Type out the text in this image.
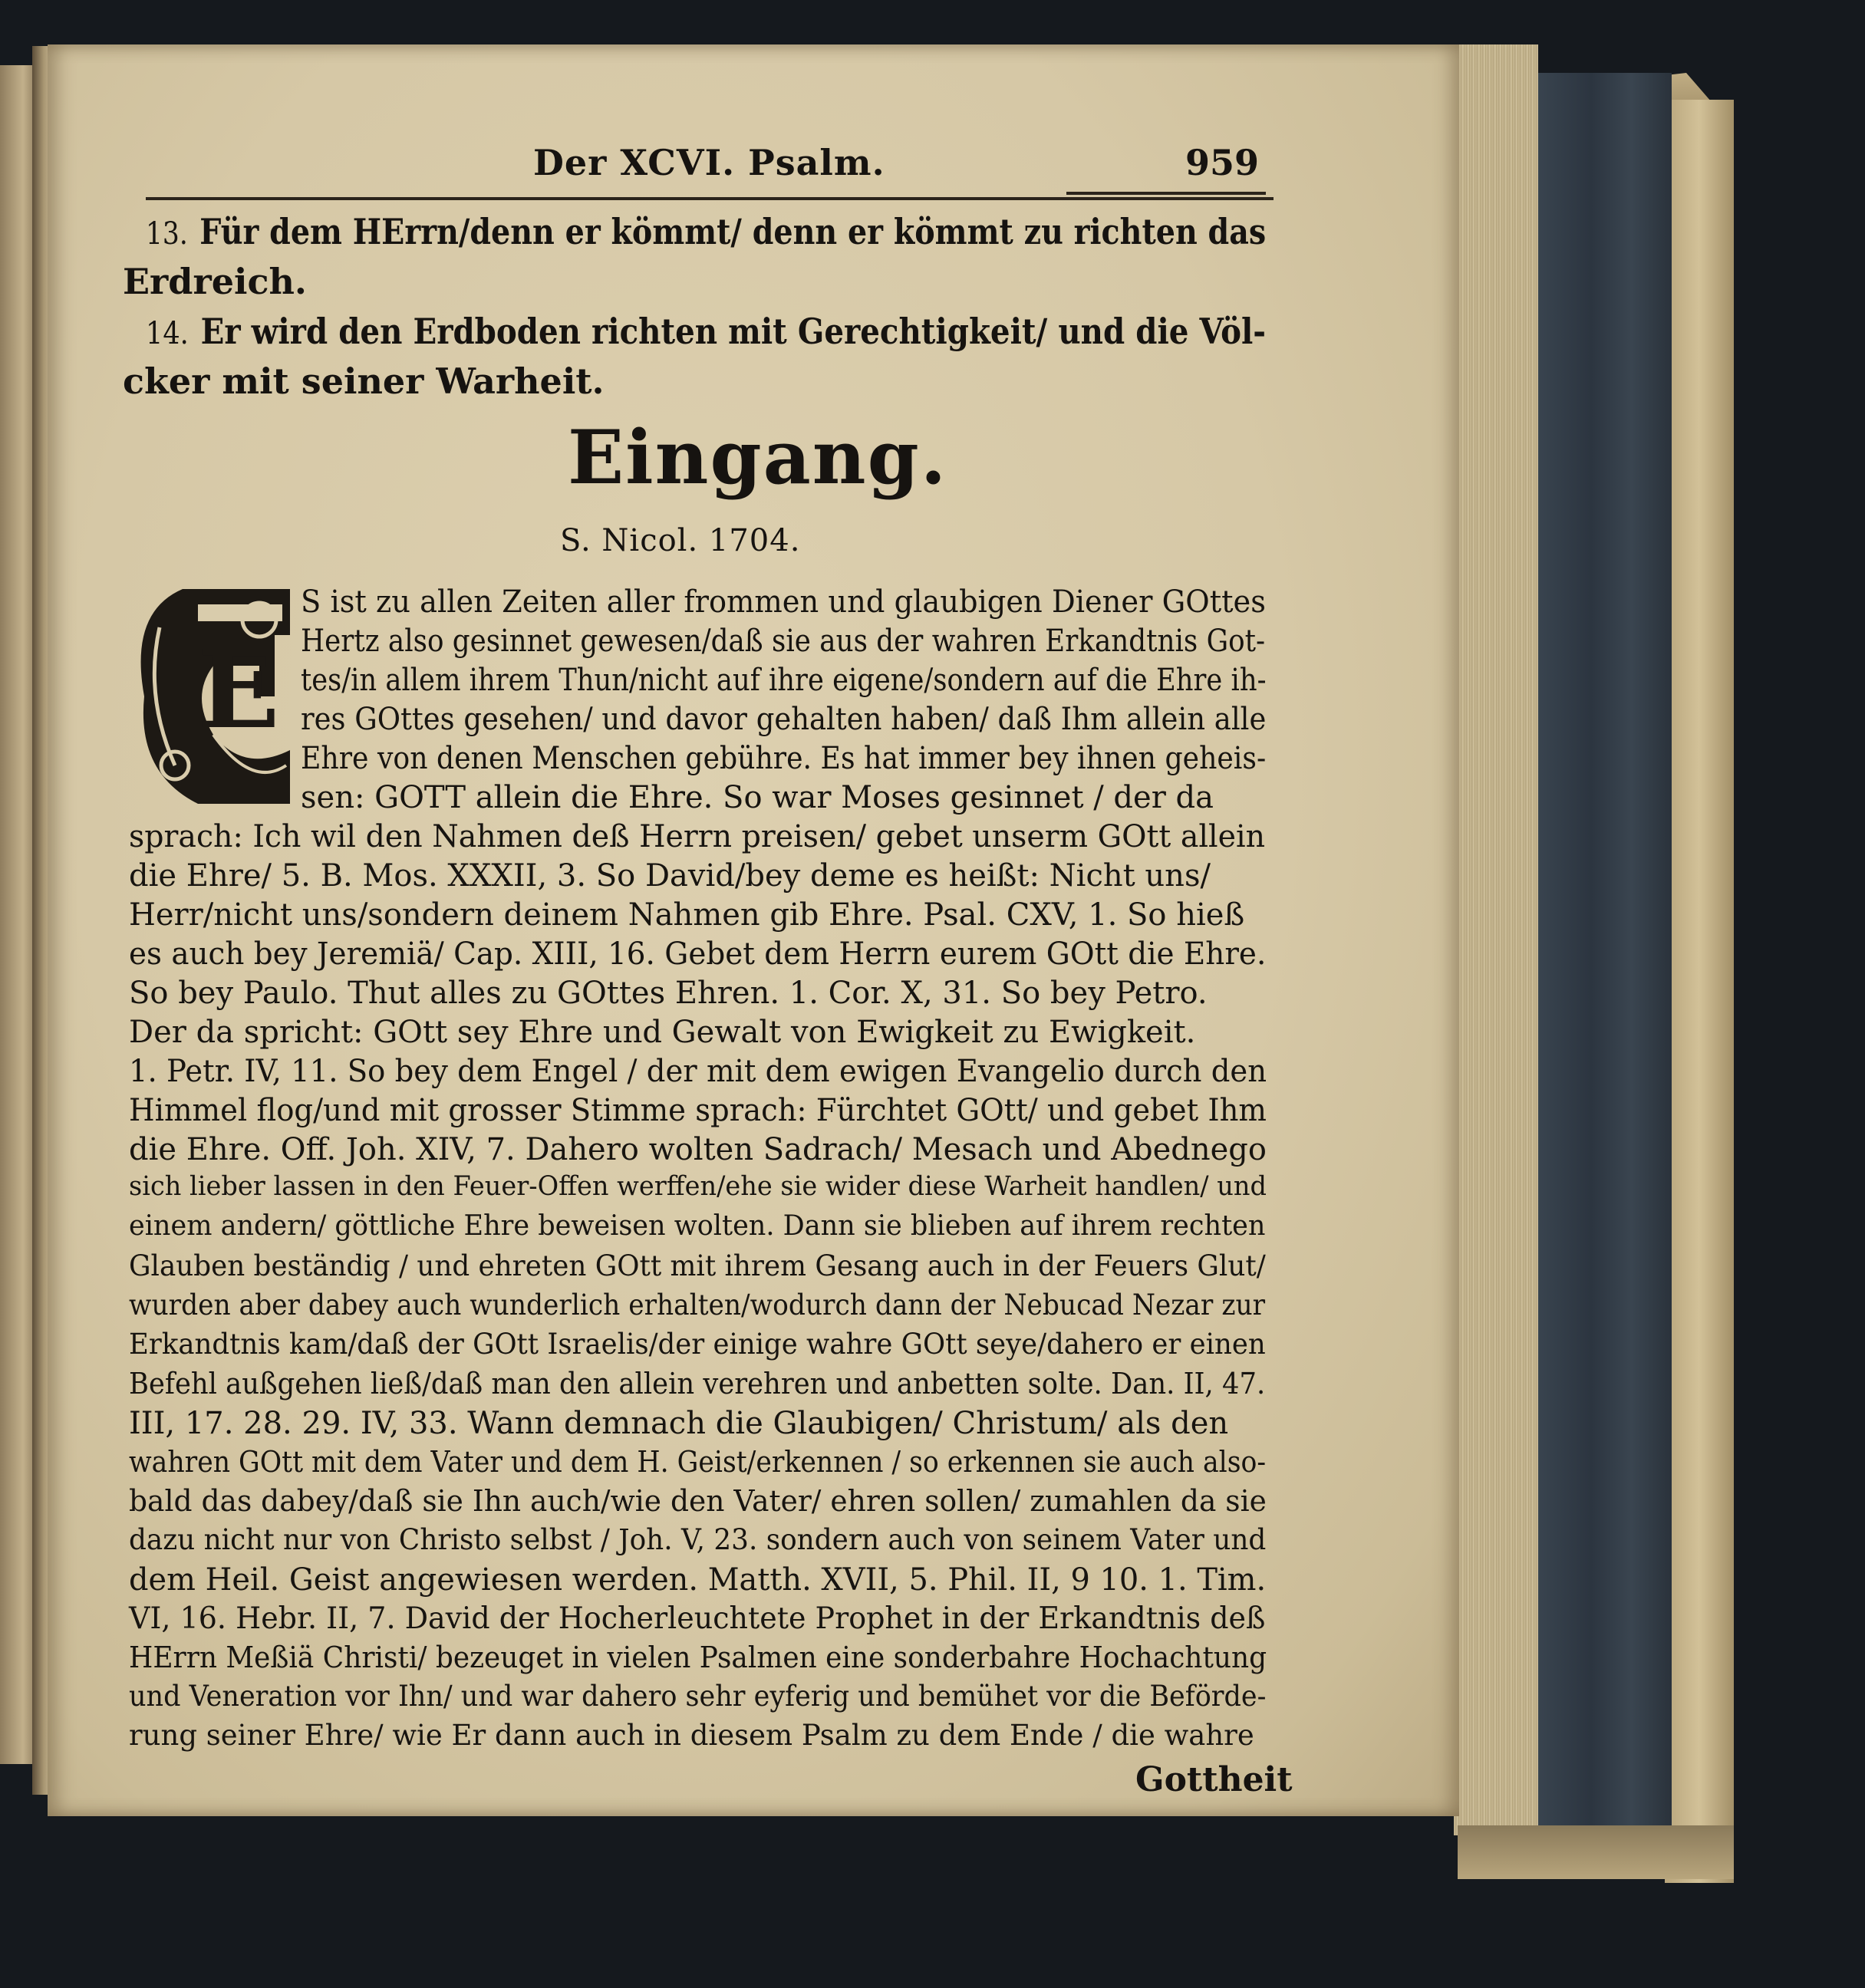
Der XCVI. Psalm.	959
13. Für dem HErrn/denn er kömmt/ denn er kömmt zu richten das
Erdreich.
14. Er wird den Erdboden richten mit Gerechtigkeit/ und die Völ-
cker mit seiner Warheit.
Eingang.
S. Nicol. 1704.
E
S ist zu allen Zeiten aller frommen und glaubigen Diener GOttes
Hertz also gesinnet gewesen/daß sie aus der wahren Erkandtnis Got-
tes/in allem ihrem Thun/nicht auf ihre eigene/sondern auf die Ehre ih-
res GOttes gesehen/ und davor gehalten haben/ daß Ihm allein alle
Ehre von denen Menschen gebühre. Es hat immer bey ihnen geheis-
sen: GOTT allein die Ehre. So war Moses gesinnet / der da
sprach: Ich wil den Nahmen deß Herrn preisen/ gebet unserm GOtt allein
die Ehre/ 5. B. Mos. XXXII, 3. So David/bey deme es heißt: Nicht uns/
Herr/nicht uns/sondern deinem Nahmen gib Ehre. Psal. CXV, 1. So hieß
es auch bey Jeremiä/ Cap. XIII, 16. Gebet dem Herrn eurem GOtt die Ehre.
So bey Paulo. Thut alles zu GOttes Ehren. 1. Cor. X, 31. So bey Petro.
Der da spricht: GOtt sey Ehre und Gewalt von Ewigkeit zu Ewigkeit.
1. Petr. IV, 11. So bey dem Engel / der mit dem ewigen Evangelio durch den
Himmel flog/und mit grosser Stimme sprach: Fürchtet GOtt/ und gebet Ihm
die Ehre. Off. Joh. XIV, 7. Dahero wolten Sadrach/ Mesach und Abednego
sich lieber lassen in den Feuer-Offen werffen/ehe sie wider diese Warheit handlen/ und
einem andern/ göttliche Ehre beweisen wolten. Dann sie blieben auf ihrem rechten
Glauben beständig / und ehreten GOtt mit ihrem Gesang auch in der Feuers Glut/
wurden aber dabey auch wunderlich erhalten/wodurch dann der Nebucad Nezar zur
Erkandtnis kam/daß der GOtt Israelis/der einige wahre GOtt seye/dahero er einen
Befehl außgehen ließ/daß man den allein verehren und anbetten solte. Dan. II, 47.
III, 17. 28. 29. IV, 33. Wann demnach die Glaubigen/ Christum/ als den
wahren GOtt mit dem Vater und dem H. Geist/erkennen / so erkennen sie auch also-
bald das dabey/daß sie Ihn auch/wie den Vater/ ehren sollen/ zumahlen da sie
dazu nicht nur von Christo selbst / Joh. V, 23. sondern auch von seinem Vater und
dem Heil. Geist angewiesen werden. Matth. XVII, 5. Phil. II, 9 10. 1. Tim.
VI, 16. Hebr. II, 7. David der Hocherleuchtete Prophet in der Erkandtnis deß
HErrn Meßiä Christi/ bezeuget in vielen Psalmen eine sonderbahre Hochachtung
und Veneration vor Ihn/ und war dahero sehr eyferig und bemühet vor die Beförde-
rung seiner Ehre/ wie Er dann auch in diesem Psalm zu dem Ende / die wahre
Gottheit
